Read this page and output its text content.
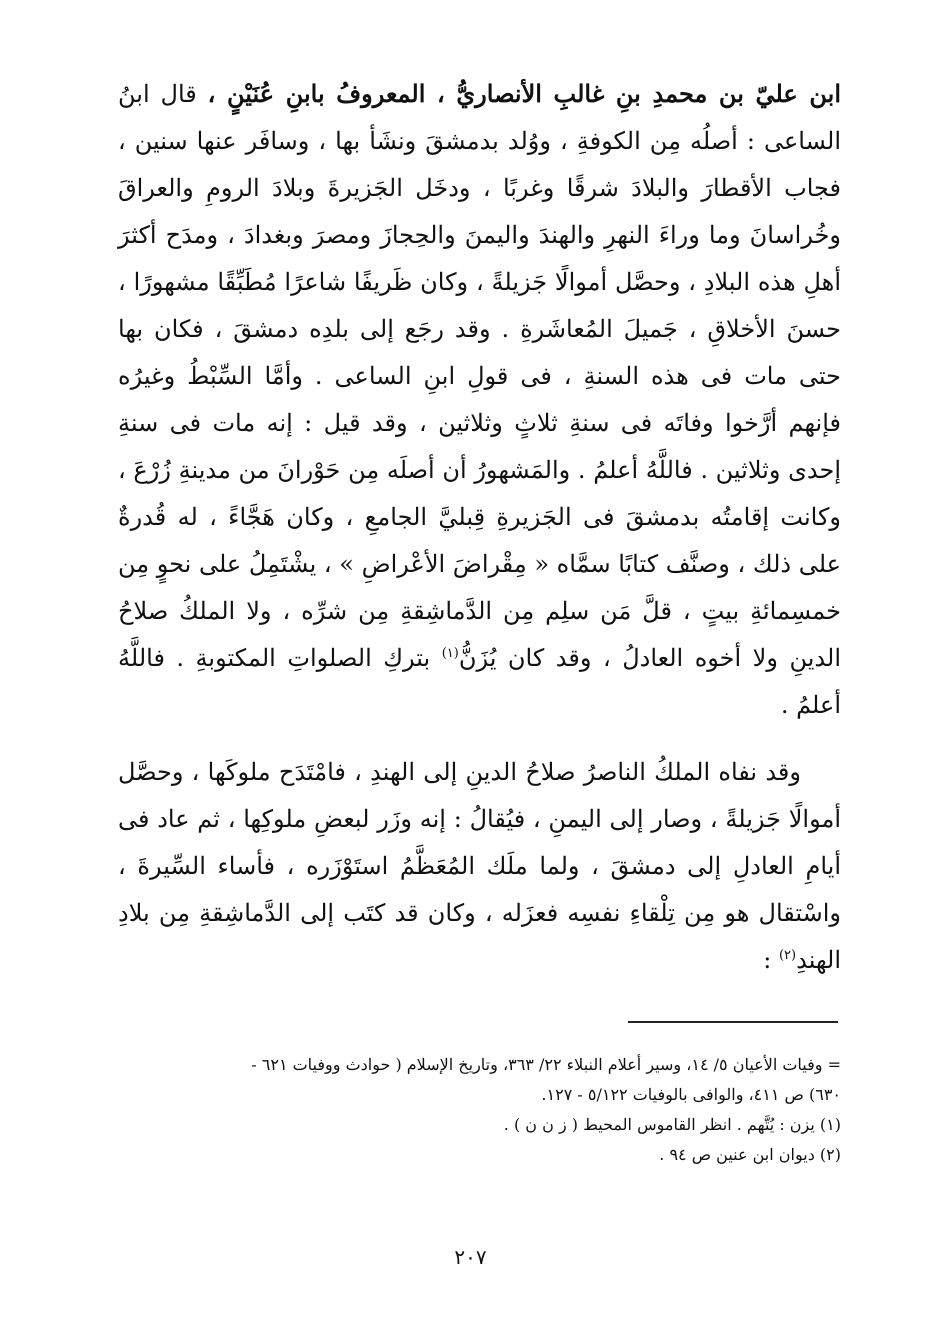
ابن عليّ بن محمدِ بنِ غالبِ الأنصاريُّ ، المعروفُ بابنِ عُنَيْنٍ ، قال ابنُ الساعى : أصلُه مِن الكوفةِ ، ووُلد بدمشقَ ونشَأ بها ، وسافَر عنها سنين ، فجاب الأقطارَ والبلادَ شرقًا وغربًا ، ودخَل الجَزيرةَ وبلادَ الرومِ والعراقَ وخُراسانَ وما وراءَ النهرِ والهندَ واليمنَ والحِجازَ ومصرَ وبغدادَ ، ومدَح أكثرَ أهلِ هذه البلادِ ، وحصَّل أموالًا جَزيلةً ، وكان ظَريفًا شاعرًا مُطَبِّقًا مشهورًا ، حسنَ الأخلاقِ ، جَميلَ المُعاشَرةِ . وقد رجَع إلى بلدِه دمشقَ ، فكان بها حتى مات فى هذه السنةِ ، فى قولِ ابنِ الساعى . وأمَّا السِّبْطُ وغيرُه فإنهم أرَّخوا وفاتَه فى سنةِ ثلاثٍ وثلاثين ، وقد قيل : إنه مات فى سنةِ إحدى وثلاثين . فاللَّهُ أعلمُ . والمَشهورُ أن أصلَه مِن حَوْرانَ من مدينةِ زُرْعَ ، وكانت إقامتُه بدمشقَ فى الجَزيرةِ قِبليَّ الجامعِ ، وكان هَجَّاءً ، له قُدرةٌ على ذلك ، وصنَّف كتابًا سمَّاه « مِقْراضَ الأعْراضِ » ، يشْتَمِلُ على نحوٍ مِن خمسِمائةِ بيتٍ ، قلَّ مَن سلِم مِن الدَّماشِقةِ مِن شرِّه ، ولا الملكُ صلاحُ الدينِ ولا أخوه العادلُ ، وقد كان يُزَنُّ$^{(١)}$ بتركِ الصلواتِ المكتوبةِ . فاللَّهُ أعلمُ .

وقد نفاه الملكُ الناصرُ صلاحُ الدينِ إلى الهندِ ، فامْتَدَح ملوكَها ، وحصَّل أموالًا جَزيلةً ، وصار إلى اليمنِ ، فيُقالُ : إنه وزَر لبعضِ ملوكِها ، ثم عاد فى أيامِ العادلِ إلى دمشقَ ، ولما ملَك المُعَظَّمُ استَوْزَره ، فأساء السِّيرةَ ، واسْتقال هو مِن تِلْقاءِ نفسِه فعزَله ، وكان قد كتَب إلى الدَّماشِقةِ مِن بلادِ الهندِ$^{(٢)}$ :

= وفيات الأعيان ٥/ ١٤، وسير أعلام النبلاء ٢٢/ ٣٦٣، وتاريخ الإسلام ( حوادث ووفيات ٦٢١ -

٦٣٠) ص ٤١١، والوافى بالوفيات ٥/١٢٢ - ١٢٧.

(١) يزن : يُتَّهم . انظر القاموس المحيط ( ز ن ن ) .

(٢) ديوان ابن عنين ص ٩٤ .

٢٠٧
